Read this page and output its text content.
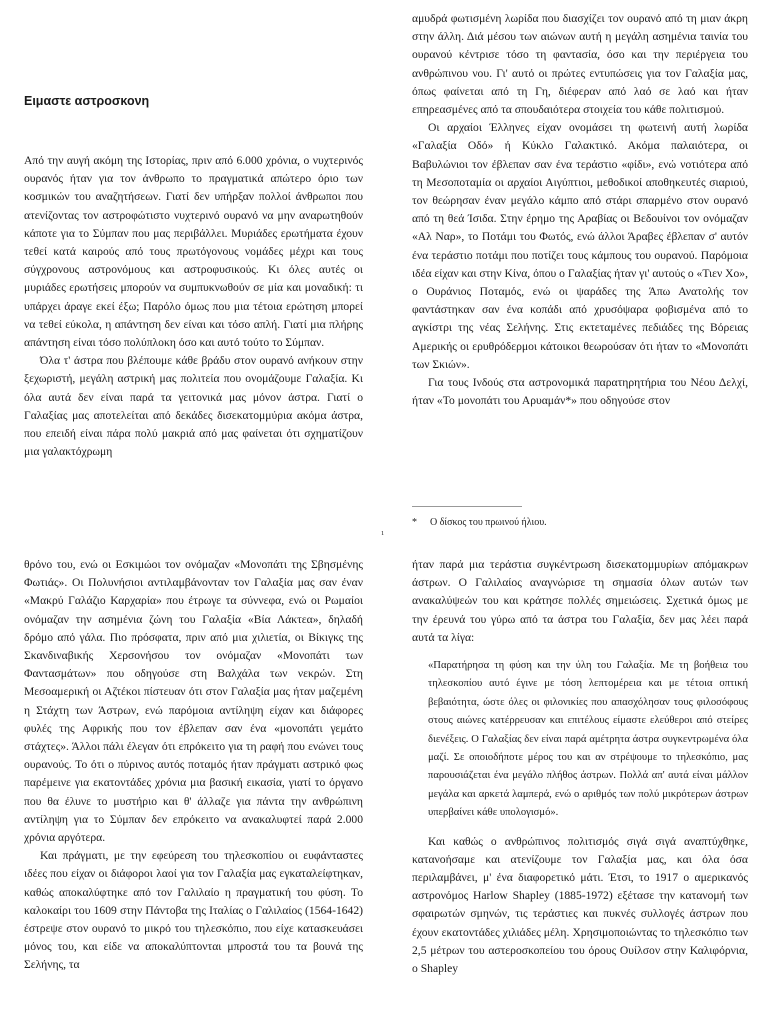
Ειμαστε αστροσκονη

Από την αυγή ακόμη της Ιστορίας, πριν από 6.000 χρόνια, ο νυχτερινός ουρανός ήταν για τον άνθρωπο το πραγματικά απώτερο όριο των κοσμικών του αναζητήσεων. Γιατί δεν υπήρξαν πολλοί άνθρωποι που ατενίζοντας τον αστροφώτιστο νυχτερινό ουρανό να μην αναρωτηθούν κάποτε για το Σύμπαν που μας περιβάλλει. Μυριάδες ερωτήματα έχουν τεθεί κατά καιρούς από τους πρωτόγονους νομάδες μέχρι και τους σύγχρονους αστρονόμους και αστροφυσικούς. Κι όλες αυτές οι μυριάδες ερωτήσεις μπορούν να συμπυκνωθούν σε μία και μοναδική: τι υπάρχει άραγε εκεί έξω; Παρόλο όμως που μια τέτοια ερώτηση μπορεί να τεθεί εύκολα, η απάντηση δεν είναι και τόσο απλή. Γιατί μια πλήρης απάντηση είναι τόσο πολύπλοκη όσο και αυτό τούτο το Σύμπαν.

Όλα τ' άστρα που βλέπουμε κάθε βράδυ στον ουρανό ανήκουν στην ξεχωριστή, μεγάλη αστρική μας πολιτεία που ονομάζουμε Γαλαξία. Κι όλα αυτά δεν είναι παρά τα γειτονικά μας μόνον άστρα. Γιατί ο Γαλαξίας μας αποτελείται από δεκάδες δισεκατομμύρια ακόμα άστρα, που επειδή είναι πάρα πολύ μακριά από μας φαίνεται ότι σχηματίζουν μια γαλακτόχρωμη

αμυδρά φωτισμένη λωρίδα που διασχίζει τον ουρανό από τη μιαν άκρη στην άλλη. Διά μέσου των αιώνων αυτή η μεγάλη ασημένια ταινία του ουρανού κέντρισε τόσο τη φαντασία, όσο και την περιέργεια του ανθρώπινου νου. Γι' αυτό οι πρώτες εντυπώσεις για τον Γαλαξία μας, όπως φαίνεται από τη Γη, διέφεραν από λαό σε λαό και ήταν επηρεασμένες από τα σπουδαιότερα στοιχεία του κάθε πολιτισμού.

Οι αρχαίοι Έλληνες είχαν ονομάσει τη φωτεινή αυτή λωρίδα «Γαλαξία Οδό» ή Κύκλο Γαλακτικό. Ακόμα παλαιότερα, οι Βαβυλώνιοι τον έβλεπαν σαν ένα τεράστιο «φίδι», ενώ νοτιότερα από τη Μεσοποταμία οι αρχαίοι Αιγύπτιοι, μεθοδικοί αποθηκευτές σιαριού, τον θεώρησαν έναν μεγάλο κάμπο από στάρι σπαρμένο στον ουρανό από τη θεά Ίσιδα. Στην έρημο της Αραβίας οι Βεδουίνοι τον ονόμαζαν «Αλ Ναρ», το Ποτάμι του Φωτός, ενώ άλλοι Άραβες έβλεπαν σ' αυτόν ένα τεράστιο ποτάμι που ποτίζει τους κάμπους του ουρανού. Παρόμοια ιδέα είχαν και στην Κίνα, όπου ο Γαλαξίας ήταν γι' αυτούς ο «Τιεν Χο», ο Ουράνιος Ποταμός, ενώ οι ψαράδες της Άπω Ανατολής τον φαντάστηκαν σαν ένα κοπάδι από χρυσόψαρα φοβισμένα από το αγκίστρι της νέας Σελήνης. Στις εκτεταμένες πεδιάδες της Βόρειας Αμερικής οι ερυθρόδερμοι κάτοικοι θεωρούσαν ότι ήταν το «Μονοπάτι των Σκιών».

Για τους Ινδούς στα αστρονομικά παρατηρητήρια του Νέου Δελχί, ήταν «Το μονοπάτι του Αρυαμάν*» που οδηγούσε στον

* Ο δίσκος του πρωινού ήλιου.
1

θρόνο του, ενώ οι Εσκιμώοι τον ονόμαζαν «Μονοπάτι της Σβησμένης Φωτιάς». Οι Πολυνήσιοι αντιλαμβάνονταν τον Γαλαξία μας σαν έναν «Μακρύ Γαλάζιο Καρχαρία» που έτρωγε τα σύννεφα, ενώ οι Ρωμαίοι ονόμαζαν την ασημένια ζώνη του Γαλαξία «Βία Λάκτεα», δηλαδή δρόμο από γάλα. Πιο πρόσφατα, πριν από μια χιλιετία, οι Βίκιγκς της Σκανδιναβικής Χερσονήσου τον ονόμαζαν «Μονοπάτι των Φαντασμάτων» που οδηγούσε στη Βαλχάλα των νεκρών. Στη Μεσοαμερική οι Αζτέκοι πίστευαν ότι στον Γαλαξία μας ήταν μαζεμένη η Στάχτη των Άστρων, ενώ παρόμοια αντίληψη είχαν και διάφορες φυλές της Αφρικής που τον έβλεπαν σαν ένα «μονοπάτι γεμάτο στάχτες». Άλλοι πάλι έλεγαν ότι επρόκειτο για τη ραφή που ενώνει τους ουρανούς. Το ότι ο πύρινος αυτός ποταμός ήταν πράγματι αστρικό φως παρέμεινε για εκατοντάδες χρόνια μια βασική εικασία, γιατί το όργανο που θα έλυνε το μυστήριο και θ' άλλαζε για πάντα την ανθρώπινη αντίληψη για το Σύμπαν δεν επρόκειτο να ανακαλυφτεί παρά 2.000 χρόνια αργότερα.

Και πράγματι, με την εφεύρεση του τηλεσκοπίου οι ευφάνταστες ιδέες που είχαν οι διάφοροι λαοί για τον Γαλαξία μας εγκαταλείφτηκαν, καθώς αποκαλύφτηκε από τον Γαλιλαίο η πραγματική του φύση. Το καλοκαίρι του 1609 στην Πάντοβα της Ιταλίας ο Γαλιλαίος (1564-1642) έστρεψε στον ουρανό το μικρό του τηλεσκόπιο, που είχε κατασκευάσει μόνος του, και είδε να αποκαλύπτονται μπροστά του τα βουνά της Σελήνης, τα

ήταν παρά μια τεράστια συγκέντρωση δισεκατομμυρίων απόμακρων άστρων. Ο Γαλιλαίος αναγνώρισε τη σημασία όλων αυτών των ανακαλύψεών του και κράτησε πολλές σημειώσεις. Σχετικά όμως με την έρευνά του γύρω από τα άστρα του Γαλαξία, δεν μας λέει παρά αυτά τα λίγα:

«Παρατήρησα τη φύση και την ύλη του Γαλαξία. Με τη βοήθεια του τηλεσκοπίου αυτό έγινε με τόση λεπτομέρεια και με τέτοια οπτική βεβαιότητα, ώστε όλες οι φιλονικίες που απασχόλησαν τους φιλοσόφους στους αιώνες κατέρρευσαν και επιτέλους είμαστε ελεύθεροι από στείρες διενέξεις. Ο Γαλαξίας δεν είναι παρά αμέτρητα άστρα συγκεντρωμένα όλα μαζί. Σε οποιοδήποτε μέρος του και αν στρέψουμε το τηλεσκόπιο, μας παρουσιάζεται ένα μεγάλο πλήθος άστρων. Πολλά απ' αυτά είναι μάλλον μεγάλα και αρκετά λαμπερά, ενώ ο αριθμός των πολύ μικρότερων άστρων υπερβαίνει κάθε υπολογισμό».

Και καθώς ο ανθρώπινος πολιτισμός σιγά σιγά αναπτύχθηκε, κατανοήσαμε και ατενίζουμε τον Γαλαξία μας, και όλα όσα περιλαμβάνει, μ' ένα διαφορετικό μάτι. Έτσι, το 1917 ο αμερικανός αστρονόμος Harlow Shapley (1885-1972) εξέτασε την κατανομή των σφαιρωτών σμηνών, τις τεράστιες και πυκνές συλλογές άστρων που έχουν εκατοντάδες χιλιάδες μέλη. Χρησιμοποιώντας το τηλεσκόπιο των 2,5 μέτρων του αστεροσκοπείου του όρους Ουίλσον στην Καλιφόρνια, ο Shapley
